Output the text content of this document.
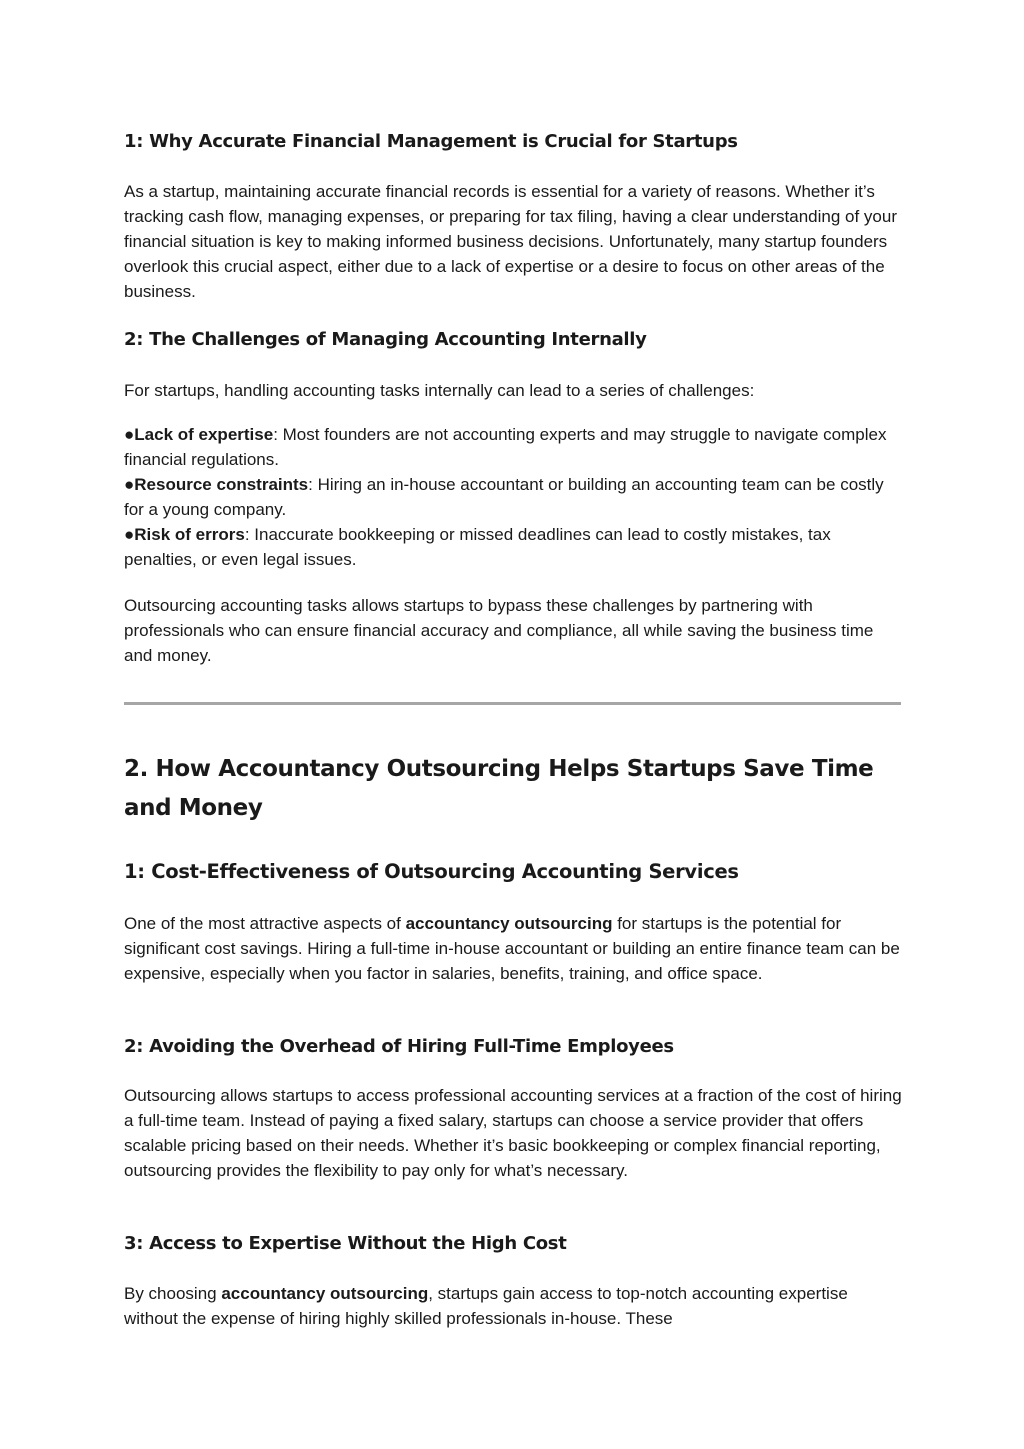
1: Why Accurate Financial Management is Crucial for Startups

As a startup, maintaining accurate financial records is essential for a variety of reasons. Whether it’s tracking cash flow, managing expenses, or preparing for tax filing, having a clear understanding of your financial situation is key to making informed business decisions. Unfortunately, many startup founders overlook this crucial aspect, either due to a lack of expertise or a desire to focus on other areas of the business.

2: The Challenges of Managing Accounting Internally

For startups, handling accounting tasks internally can lead to a series of challenges:

●Lack of expertise: Most founders are not accounting experts and may struggle to navigate complex financial regulations.
●Resource constraints: Hiring an in-house accountant or building an accounting team can be costly for a young company.
●Risk of errors: Inaccurate bookkeeping or missed deadlines can lead to costly mistakes, tax penalties, or even legal issues.

Outsourcing accounting tasks allows startups to bypass these challenges by partnering with professionals who can ensure financial accuracy and compliance, all while saving the business time and money.

2. How Accountancy Outsourcing Helps Startups Save Time and Money
1: Cost-Effectiveness of Outsourcing Accounting Services

One of the most attractive aspects of accountancy outsourcing for startups is the potential for significant cost savings. Hiring a full-time in-house accountant or building an entire finance team can be expensive, especially when you factor in salaries, benefits, training, and office space.

2: Avoiding the Overhead of Hiring Full-Time Employees

Outsourcing allows startups to access professional accounting services at a fraction of the cost of hiring a full-time team. Instead of paying a fixed salary, startups can choose a service provider that offers scalable pricing based on their needs. Whether it’s basic bookkeeping or complex financial reporting, outsourcing provides the flexibility to pay only for what’s necessary.

3: Access to Expertise Without the High Cost

By choosing accountancy outsourcing, startups gain access to top-notch accounting expertise without the expense of hiring highly skilled professionals in-house. These
